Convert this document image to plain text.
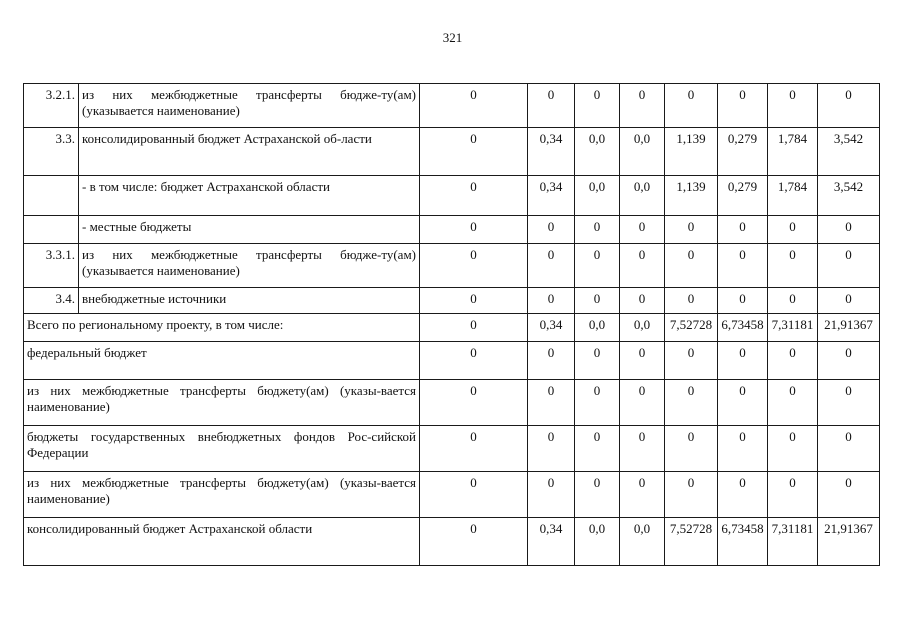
321
3.2.1.	из них межбюджетные трансферты бюдже-ту(ам) (указывается наименование)	0	0	0	0	0	0	0	0
3.3.	консолидированный бюджет Астраханской об-ласти	0	0,34	0,0	0,0	1,139	0,279	1,784	3,542
	- в том числе: бюджет Астраханской области	0	0,34	0,0	0,0	1,139	0,279	1,784	3,542
	- местные бюджеты	0	0	0	0	0	0	0	0
3.3.1.	из них межбюджетные трансферты бюдже-ту(ам) (указывается наименование)	0	0	0	0	0	0	0	0
3.4.	внебюджетные источники	0	0	0	0	0	0	0	0
Всего по региональному проекту, в том числе:		0	0,34	0,0	0,0	7,52728	6,73458	7,31181	21,91367
федеральный бюджет		0	0	0	0	0	0	0	0
из них межбюджетные трансферты бюджету(ам) (указы-вается наименование)		0	0	0	0	0	0	0	0
бюджеты государственных внебюджетных фондов Рос-сийской Федерации		0	0	0	0	0	0	0	0
из них межбюджетные трансферты бюджету(ам) (указы-вается наименование)		0	0	0	0	0	0	0	0
консолидированный бюджет Астраханской области		0	0,34	0,0	0,0	7,52728	6,73458	7,31181	21,91367
